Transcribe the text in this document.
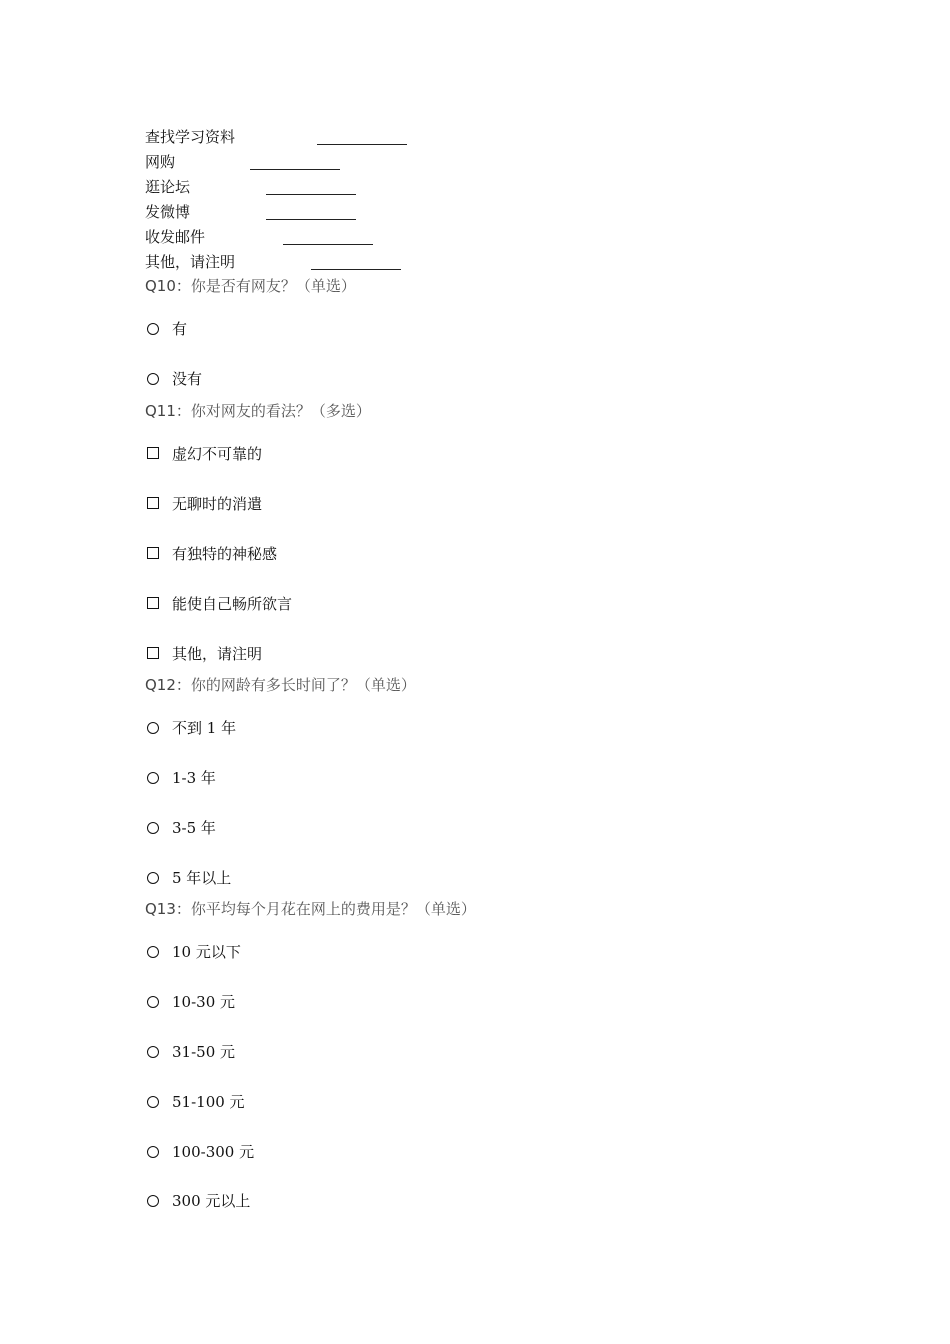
查找学习资料
网购
逛论坛
发微博
收发邮件
其他，请注明
Q10：你是否有网友？（单选）
有
没有
Q11：你对网友的看法？（多选）
虚幻不可靠的
无聊时的消遣
有独特的神秘感
能使自己畅所欲言
其他，请注明
Q12：你的网龄有多长时间了？（单选）
不到 1 年
1-3 年
3-5 年
5 年以上
Q13：你平均每个月花在网上的费用是？（单选）
10 元以下
10-30 元
31-50 元
51-100 元
100-300 元
300 元以上
